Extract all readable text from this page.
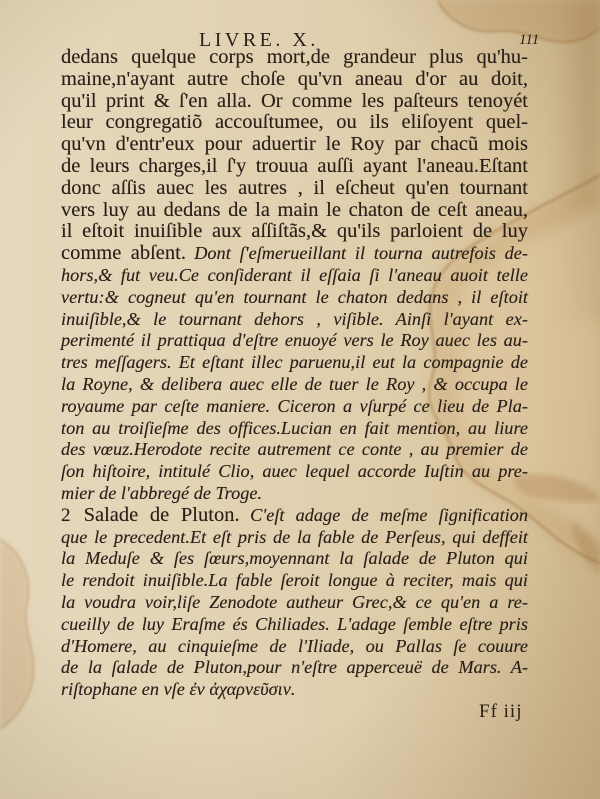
LIVRE. X.	111
dedans quelque corps mort,de grandeur plus qu'hu-
maine,n'ayant autre choſe qu'vn aneau d'or au doit,
qu'il print & ſ'en alla. Or comme les paſteurs tenoyét
leur congregatiõ accouſtumee, ou ils eliſoyent quel-
qu'vn d'entr'eux pour aduertir le Roy par chacũ mois
de leurs charges,il ſ'y trouua auſſi ayant l'aneau.Eſtant
donc aſſis auec les autres , il eſcheut qu'en tournant
vers luy au dedans de la main le chaton de ceſt aneau,
il eſtoit inuiſible aux aſſiſtãs,& qu'ils parloient de luy
comme abſent. Dont ſ'eſmerueillant il tourna autrefois de-
hors,& fut veu.Ce conſiderant il eſſaia ſi l'aneau auoit telle
vertu:& cogneut qu'en tournant le chaton dedans , il eſtoit
inuiſible,& le tournant dehors , viſible. Ainſi l'ayant ex-
perimenté il prattiqua d'eſtre enuoyé vers le Roy auec les au-
tres meſſagers. Et eſtant illec paruenu,il eut la compagnie de
la Royne, & delibera auec elle de tuer le Roy , & occupa le
royaume par ceſte maniere. Ciceron a vſurpé ce lieu de Pla-
ton au troiſieſme des offices.Lucian en fait mention, au liure
des vœuz.Herodote recite autrement ce conte , au premier de
ſon hiſtoire, intitulé Clio, auec lequel accorde Iuſtin au pre-
mier de l'abbregé de Troge.
2 Salade de Pluton. C'eſt adage de meſme ſignification
que le precedent.Et eſt pris de la fable de Perſeus, qui deffeit
la Meduſe & ſes ſœurs,moyennant la ſalade de Pluton qui
le rendoit inuiſible.La fable ſeroit longue à reciter, mais qui
la voudra voir,liſe Zenodote autheur Grec,& ce qu'en a re-
cueilly de luy Eraſme és Chiliades. L'adage ſemble eſtre pris
d'Homere, au cinquieſme de l'Iliade, ou Pallas ſe couure
de la ſalade de Pluton,pour n'eſtre apperceuë de Mars. A-
riſtophane en vſe ἐν ἀχαρνεῦσιν.
Ff iij
